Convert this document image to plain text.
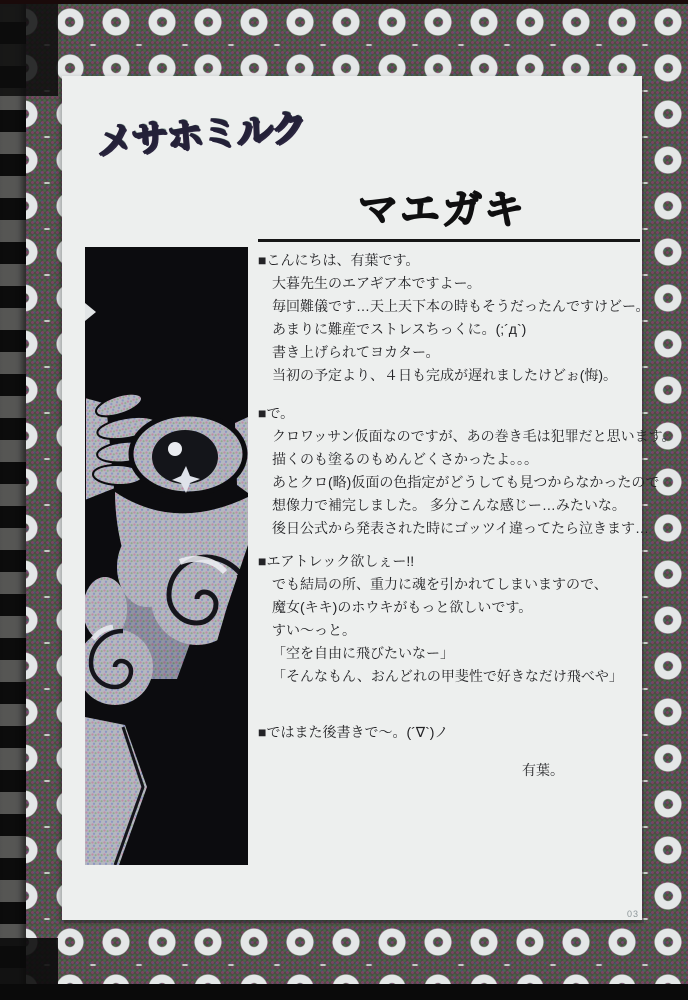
メサホミルク
マエガキ
■こんにちは、有葉です。
大暮先生のエアギア本ですよー。
毎回難儀です…天上天下本の時もそうだったんですけどー。
あまりに難産でストレスちっくに。(;´д`)
書き上げられてヨカター。
当初の予定より、４日も完成が遅れましたけどぉ(悔)。
■で。
クロワッサン仮面なのですが、あの巻き毛は犯罪だと思います。
描くのも塗るのもめんどくさかったよ。。。
あとクロ(略)仮面の色指定がどうしても見つからなかったので
想像力で補完しました。 多分こんな感じー…みたいな。
後日公式から発表された時にゴッツイ違ってたら泣きます…
■エアトレック欲しぇー!!
でも結局の所、重力に魂を引かれてしまいますので、
魔女(キキ)のホウキがもっと欲しいです。
すい〜っと。
「空を自由に飛びたいなー」
「そんなもん、おんどれの甲斐性で好きなだけ飛べや」
■ではまた後書きで〜。(´∇`)ノ
有葉。
03
